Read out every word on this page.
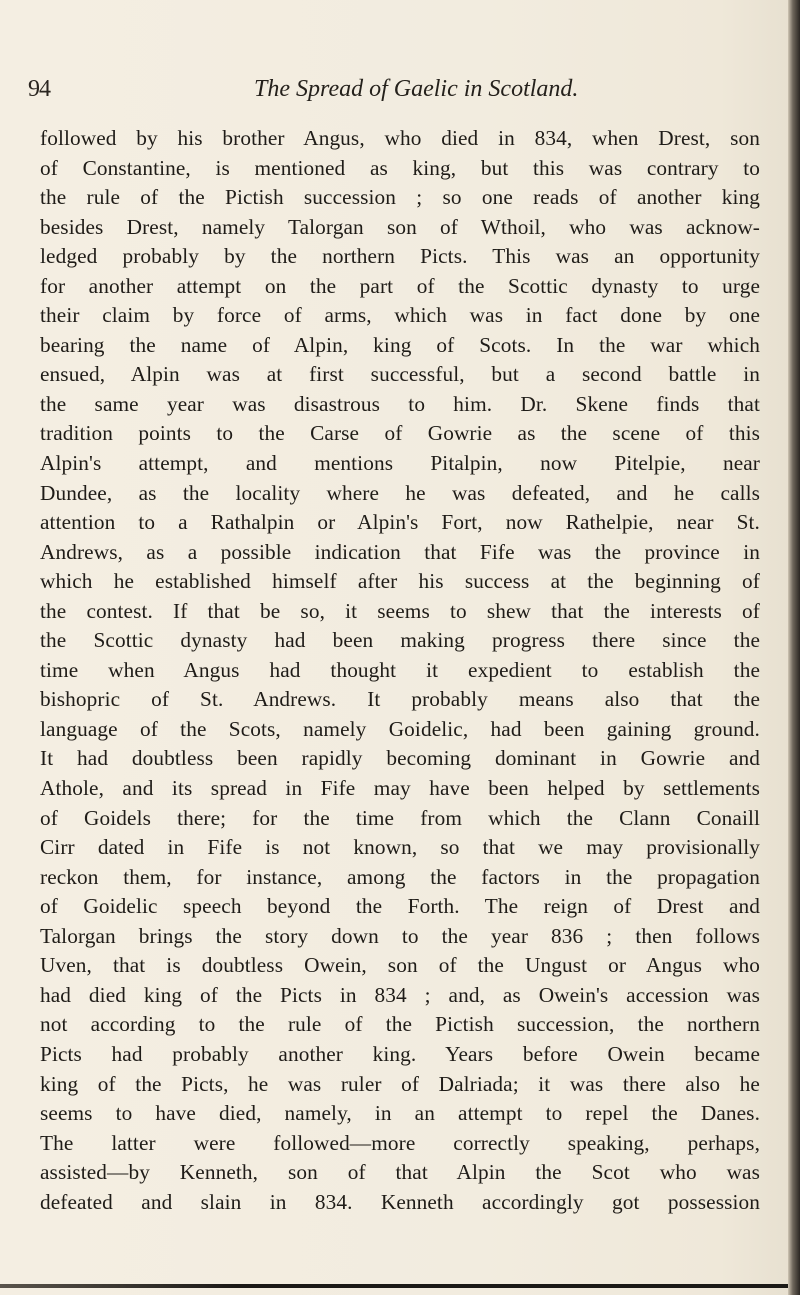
94	The Spread of Gaelic in Scotland.
followed by his brother Angus, who died in 834, when Drest, son
of Constantine, is mentioned as king, but this was contrary to
the rule of the Pictish succession ; so one reads of another king
besides Drest, namely Talorgan son of Wthoil, who was acknow-
ledged probably by the northern Picts. This was an opportunity
for another attempt on the part of the Scottic dynasty to urge
their claim by force of arms, which was in fact done by one
bearing the name of Alpin, king of Scots. In the war which
ensued, Alpin was at first successful, but a second battle in
the same year was disastrous to him. Dr. Skene finds that
tradition points to the Carse of Gowrie as the scene of this
Alpin's attempt, and mentions Pitalpin, now Pitelpie, near
Dundee, as the locality where he was defeated, and he calls
attention to a Rathalpin or Alpin's Fort, now Rathelpie, near St.
Andrews, as a possible indication that Fife was the province in
which he established himself after his success at the beginning of
the contest. If that be so, it seems to shew that the interests of
the Scottic dynasty had been making progress there since the
time when Angus had thought it expedient to establish the
bishopric of St. Andrews. It probably means also that the
language of the Scots, namely Goidelic, had been gaining ground.
It had doubtless been rapidly becoming dominant in Gowrie and
Athole, and its spread in Fife may have been helped by settlements
of Goidels there; for the time from which the Clann Conaill
Cirr dated in Fife is not known, so that we may provisionally
reckon them, for instance, among the factors in the propagation
of Goidelic speech beyond the Forth. The reign of Drest and
Talorgan brings the story down to the year 836 ; then follows
Uven, that is doubtless Owein, son of the Ungust or Angus who
had died king of the Picts in 834 ; and, as Owein's accession was
not according to the rule of the Pictish succession, the northern
Picts had probably another king. Years before Owein became
king of the Picts, he was ruler of Dalriada; it was there also he
seems to have died, namely, in an attempt to repel the Danes.
The latter were followed—more correctly speaking, perhaps,
assisted—by Kenneth, son of that Alpin the Scot who was
defeated and slain in 834. Kenneth accordingly got possession
